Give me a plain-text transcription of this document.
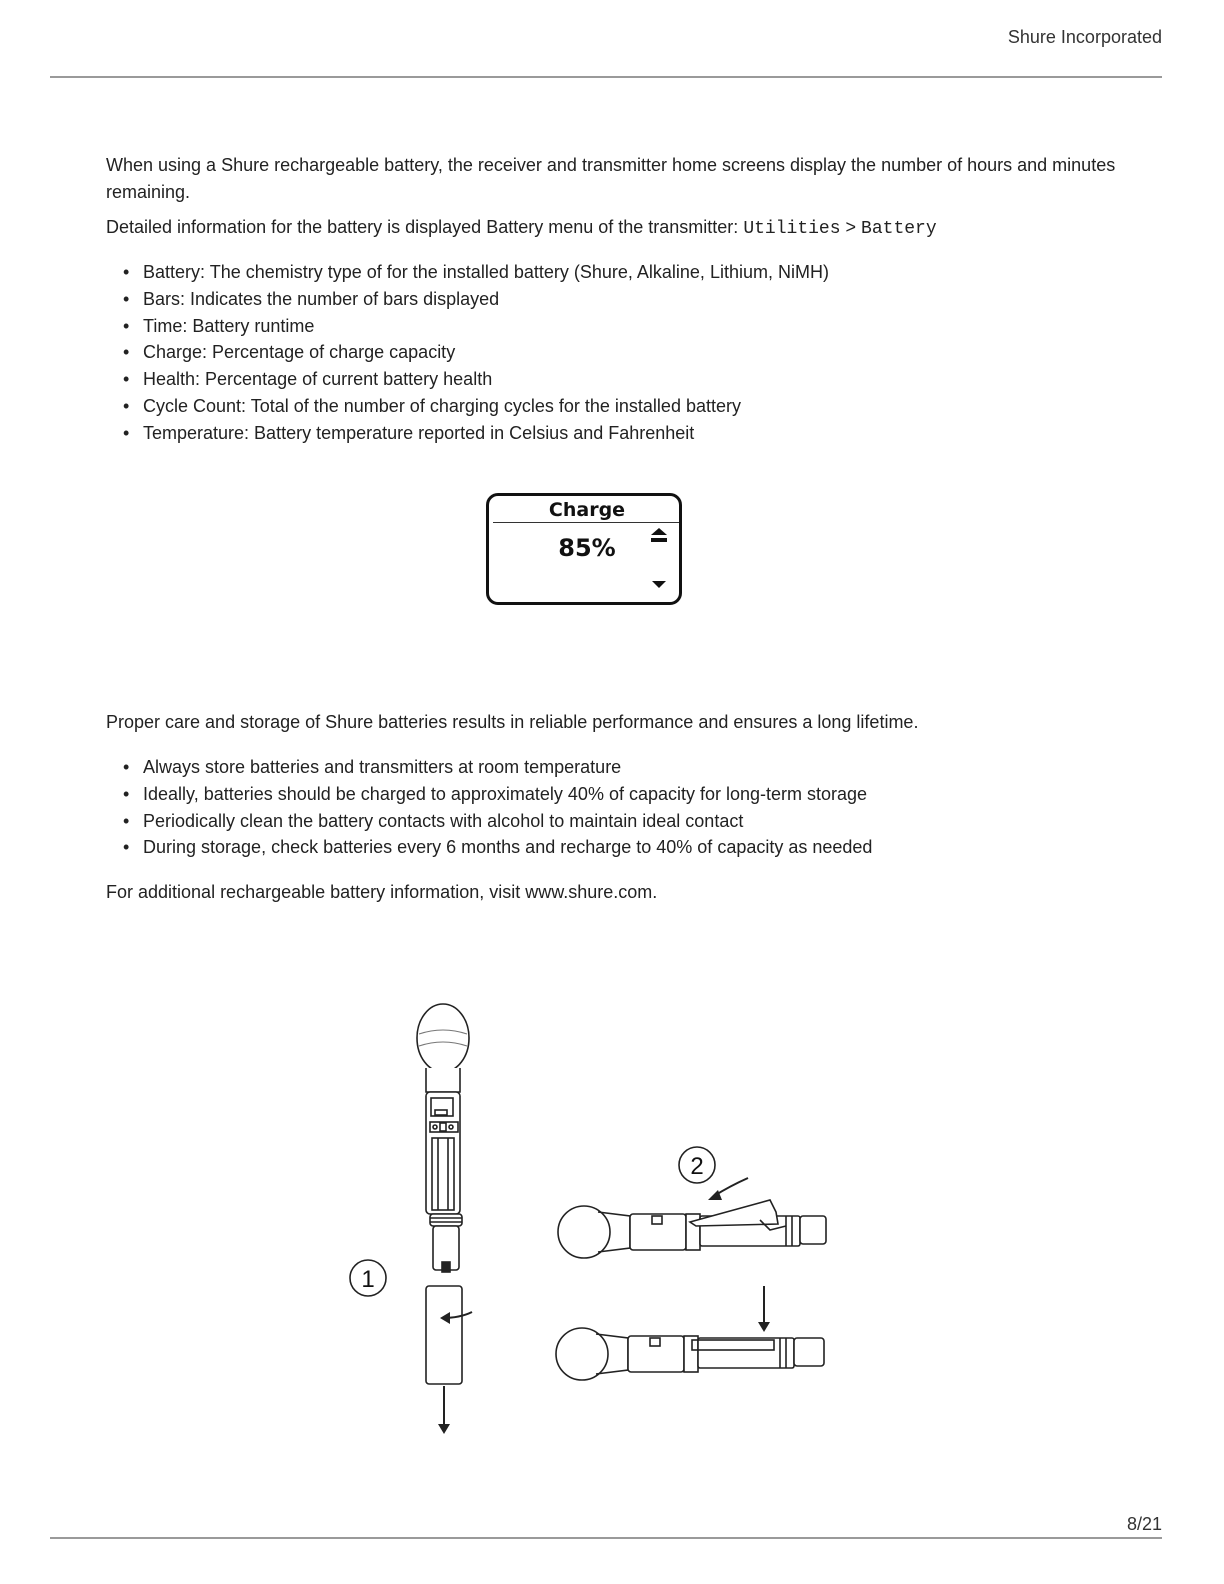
Shure Incorporated

When using a Shure rechargeable battery, the receiver and transmitter home screens display the number of hours and minutes remaining.

Detailed information for the battery is displayed Battery menu of the transmitter: Utilities > Battery

• Battery: The chemistry type of for the installed battery (Shure, Alkaline, Lithium, NiMH)
• Bars: Indicates the number of bars displayed
• Time: Battery runtime
• Charge: Percentage of charge capacity
• Health: Percentage of current battery health
• Cycle Count: Total of the number of charging cycles for the installed battery
• Temperature: Battery temperature reported in Celsius and Fahrenheit
Charge
85%

Proper care and storage of Shure batteries results in reliable performance and ensures a long lifetime.

• Always store batteries and transmitters at room temperature
• Ideally, batteries should be charged to approximately 40% of capacity for long-term storage
• Periodically clean the battery contacts with alcohol to maintain ideal contact
• During storage, check batteries every 6 months and recharge to 40% of capacity as needed

For additional rechargeable battery information, visit www.shure.com.

1
2
8/21
